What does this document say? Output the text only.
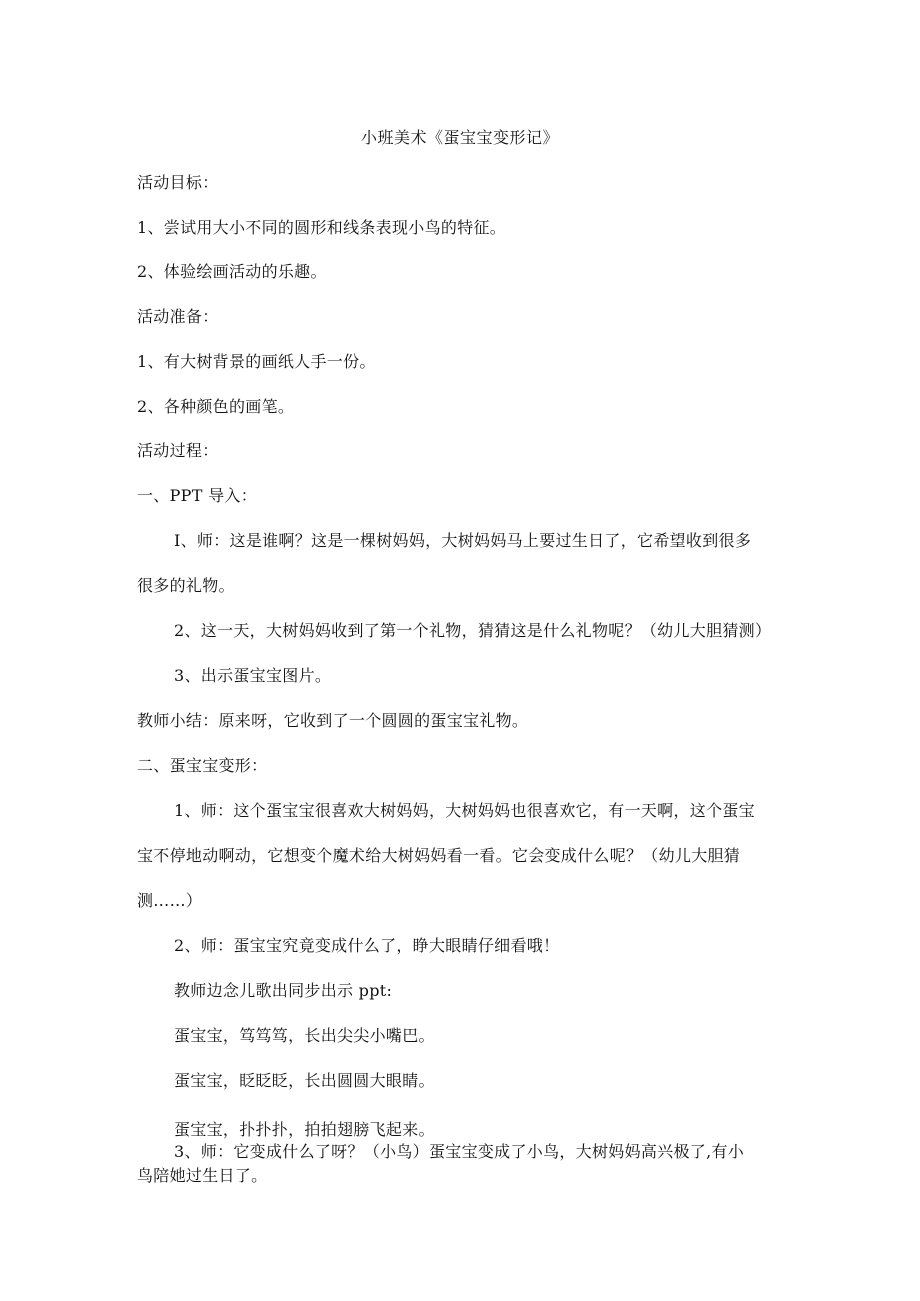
小班美术《蛋宝宝变形记》
活动目标：
1、尝试用大小不同的圆形和线条表现小鸟的特征。
2、体验绘画活动的乐趣。
活动准备：
1、有大树背景的画纸人手一份。
2、各种颜色的画笔。
活动过程：
一、PPT 导入：
I、师：这是谁啊？这是一棵树妈妈，大树妈妈马上要过生日了，它希望收到很多
很多的礼物。
2、这一天，大树妈妈收到了第一个礼物，猜猜这是什么礼物呢？（幼儿大胆猜测）
3、出示蛋宝宝图片。
教师小结：原来呀，它收到了一个圆圆的蛋宝宝礼物。
二、蛋宝宝变形：
1、师：这个蛋宝宝很喜欢大树妈妈，大树妈妈也很喜欢它，有一天啊，这个蛋宝
宝不停地动啊动，它想变个魔术给大树妈妈看一看。它会变成什么呢？（幼儿大胆猜
测……）
2、师：蛋宝宝究竟变成什么了，睁大眼睛仔细看哦！
教师边念儿歌出同步出示 ppt:
蛋宝宝，笃笃笃，长出尖尖小嘴巴。
蛋宝宝，眨眨眨，长出圆圆大眼睛。
蛋宝宝，扑扑扑，拍拍翅膀飞起来。
3、师：它变成什么了呀？（小鸟）蛋宝宝变成了小鸟，大树妈妈高兴极了,有小
鸟陪她过生日了。
